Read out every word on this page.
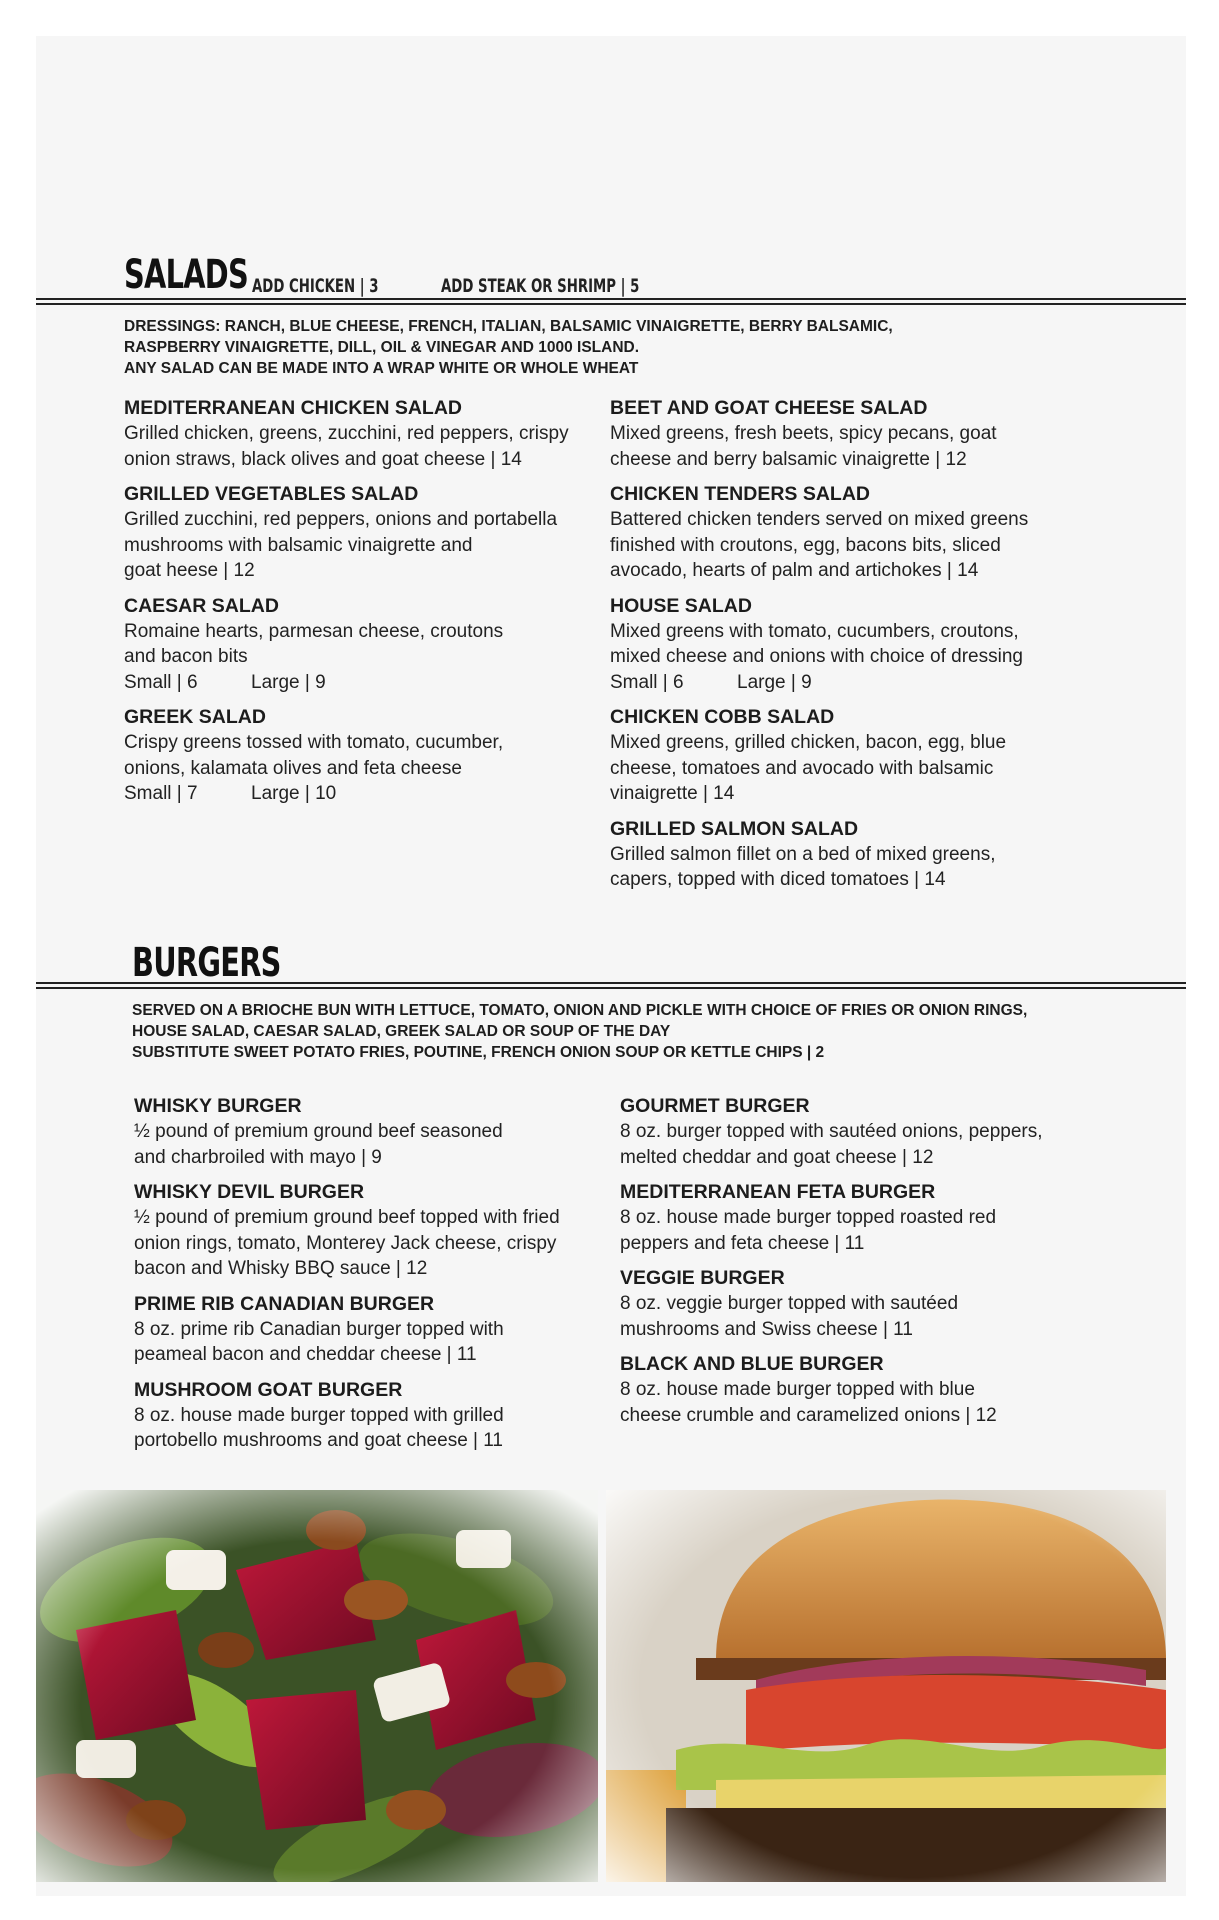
SALADS ADD CHICKEN | 3	ADD STEAK OR SHRIMP | 5
DRESSINGS: RANCH, BLUE CHEESE, FRENCH, ITALIAN, BALSAMIC VINAIGRETTE, BERRY BALSAMIC,
RASPBERRY VINAIGRETTE, DILL, OIL & VINEGAR AND 1000 ISLAND.
ANY SALAD CAN BE MADE INTO A WRAP WHITE OR WHOLE WHEAT
MEDITERRANEAN CHICKEN SALAD
Grilled chicken, greens, zucchini, red peppers, crispy
onion straws, black olives and goat cheese | 14
GRILLED VEGETABLES SALAD
Grilled zucchini, red peppers, onions and portabella
mushrooms with balsamic vinaigrette and
goat heese | 12
CAESAR SALAD
Romaine hearts, parmesan cheese, croutons
and bacon bits
Small | 6	Large | 9
GREEK SALAD
Crispy greens tossed with tomato, cucumber,
onions, kalamata olives and feta cheese
Small | 7	Large | 10
BEET AND GOAT CHEESE SALAD
Mixed greens, fresh beets, spicy pecans, goat
cheese and berry balsamic vinaigrette | 12
CHICKEN TENDERS SALAD
Battered chicken tenders served on mixed greens
finished with croutons, egg, bacons bits, sliced
avocado, hearts of palm and artichokes | 14
HOUSE SALAD
Mixed greens with tomato, cucumbers, croutons,
mixed cheese and onions with choice of dressing
Small | 6	Large | 9
CHICKEN COBB SALAD
Mixed greens, grilled chicken, bacon, egg, blue
cheese, tomatoes and avocado with balsamic
vinaigrette | 14
GRILLED SALMON SALAD
Grilled salmon fillet on a bed of mixed greens,
capers, topped with diced tomatoes | 14
BURGERS
SERVED ON A BRIOCHE BUN WITH LETTUCE, TOMATO, ONION AND PICKLE WITH CHOICE OF FRIES OR ONION RINGS,
HOUSE SALAD, CAESAR SALAD, GREEK SALAD OR SOUP OF THE DAY
SUBSTITUTE SWEET POTATO FRIES, POUTINE, FRENCH ONION SOUP OR KETTLE CHIPS | 2
WHISKY BURGER
½ pound of premium ground beef seasoned
and charbroiled with mayo | 9
WHISKY DEVIL BURGER
½ pound of premium ground beef topped with fried
onion rings, tomato, Monterey Jack cheese, crispy
bacon and Whisky BBQ sauce | 12
PRIME RIB CANADIAN BURGER
8 oz. prime rib Canadian burger topped with
peameal bacon and cheddar cheese | 11
MUSHROOM GOAT BURGER
8 oz. house made burger topped with grilled
portobello mushrooms and goat cheese | 11
GOURMET BURGER
8 oz. burger topped with sautéed onions, peppers,
melted cheddar and goat cheese | 12
MEDITERRANEAN FETA BURGER
8 oz. house made burger topped roasted red
peppers and feta cheese | 11
VEGGIE BURGER
8 oz. veggie burger topped with sautéed
mushrooms and Swiss cheese | 11
BLACK AND BLUE BURGER
8 oz. house made burger topped with blue
cheese crumble and caramelized onions | 12
